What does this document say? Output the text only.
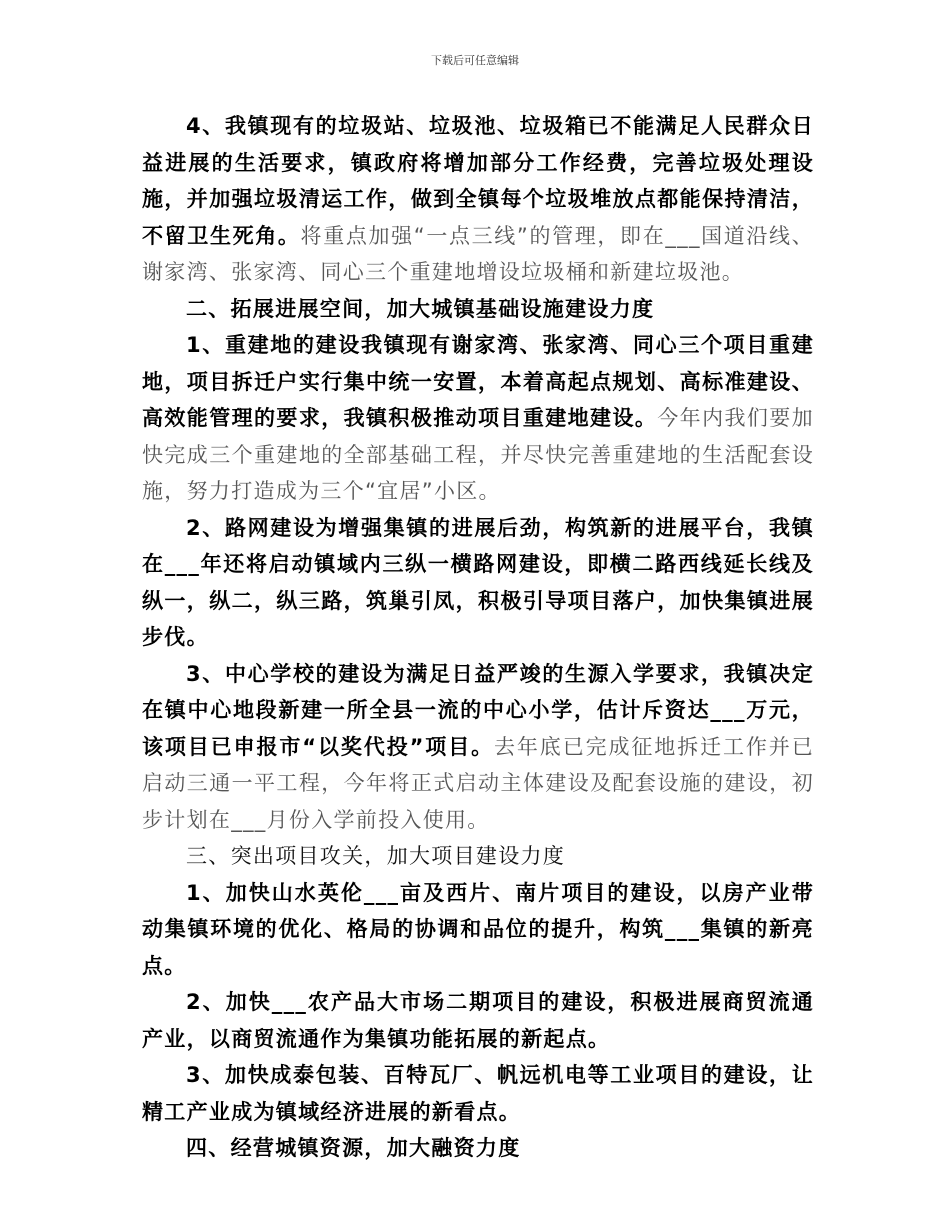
下载后可任意编辑

4、我镇现有的垃圾站、垃圾池、垃圾箱已不能满足人民群众日益进展的生活要求，镇政府将增加部分工作经费，完善垃圾处理设施，并加强垃圾清运工作，做到全镇每个垃圾堆放点都能保持清洁，不留卫生死角。将重点加强“一点三线”的管理，即在___国道沿线、谢家湾、张家湾、同心三个重建地增设垃圾桶和新建垃圾池。

二、拓展进展空间，加大城镇基础设施建设力度

1、重建地的建设我镇现有谢家湾、张家湾、同心三个项目重建地，项目拆迁户实行集中统一安置，本着高起点规划、高标准建设、高效能管理的要求，我镇积极推动项目重建地建设。今年内我们要加快完成三个重建地的全部基础工程，并尽快完善重建地的生活配套设施，努力打造成为三个“宜居”小区。

2、路网建设为增强集镇的进展后劲，构筑新的进展平台，我镇在___年还将启动镇域内三纵一横路网建设，即横二路西线延长线及纵一，纵二，纵三路，筑巢引凤，积极引导项目落户，加快集镇进展步伐。

3、中心学校的建设为满足日益严竣的生源入学要求，我镇决定在镇中心地段新建一所全县一流的中心小学，估计斥资达___万元，该项目已申报市“以奖代投”项目。去年底已完成征地拆迁工作并已启动三通一平工程，今年将正式启动主体建设及配套设施的建设，初步计划在___月份入学前投入使用。

三、突出项目攻关，加大项目建设力度

1、加快山水英伦___亩及西片、南片项目的建设，以房产业带动集镇环境的优化、格局的协调和品位的提升，构筑___集镇的新亮点。

2、加快___农产品大市场二期项目的建设，积极进展商贸流通产业，以商贸流通作为集镇功能拓展的新起点。

3、加快成泰包装、百特瓦厂、帆远机电等工业项目的建设，让精工产业成为镇域经济进展的新看点。

四、经营城镇资源，加大融资力度
